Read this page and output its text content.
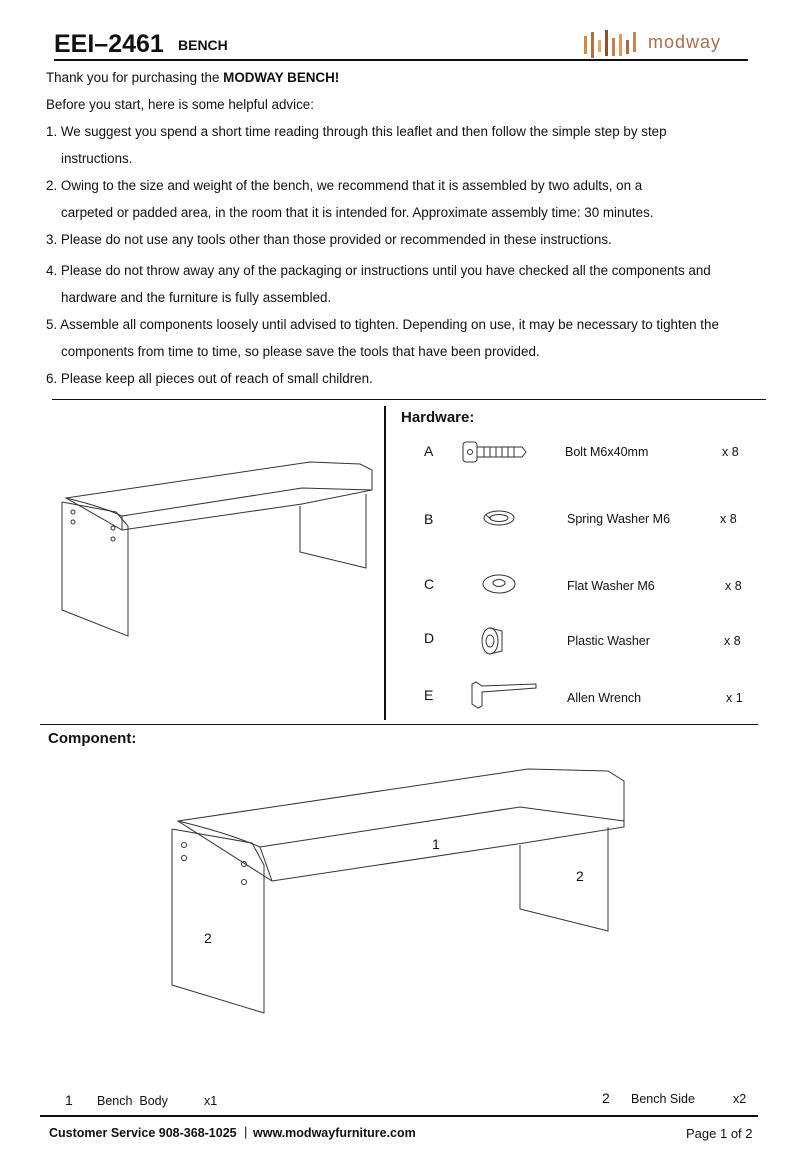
EEI–2461 BENCH	modway

Thank you for purchasing the MODWAY BENCH!

Before you start, here is some helpful advice:

1. We suggest you spend a short time reading through this leaflet and then follow the simple step by step

instructions.

2. Owing to the size and weight of the bench, we recommend that it is assembled by two adults, on a

carpeted or padded area, in the room that it is intended for. Approximate assembly time: 30 minutes.

3. Please do not use any tools other than those provided or recommended in these instructions.

4. Please do not throw away any of the packaging or instructions until you have checked all the components and

hardware and the furniture is fully assembled.

5. Assemble all components loosely until advised to tighten. Depending on use, it may be necessary to tighten the

components from time to time, so please save the tools that have been provided.

6. Please keep all pieces out of reach of small children.

Hardware:
A	Bolt M6x40mm	x 8
B	Spring Washer M6	x 8
C	Flat Washer M6	x 8
D	Plastic Washer	x 8
E	Allen Wrench	x 1
Component:
1
2
2
1 Bench  Body	x1	2 Bench Side	x2
Customer Service 908-368-1025 | www.modwayfurniture.com	Page 1 of 2
